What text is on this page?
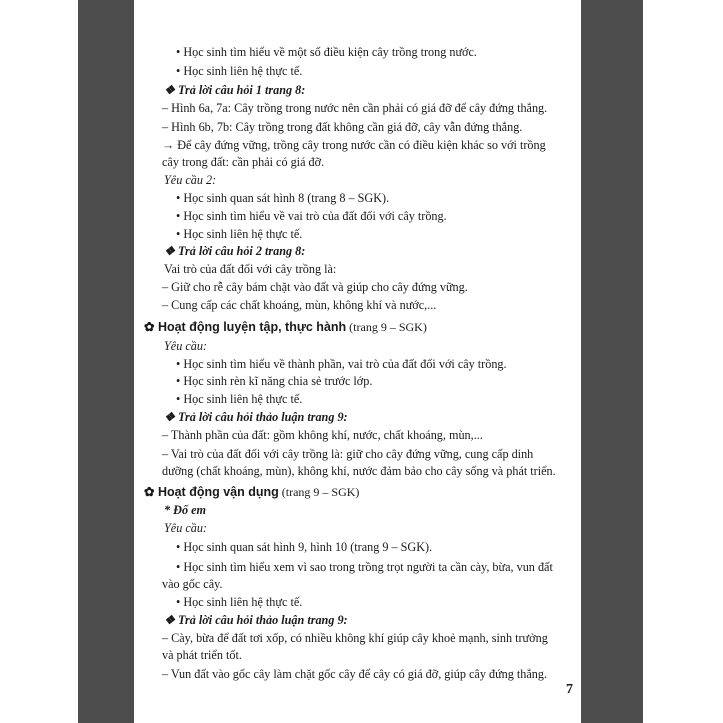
• Học sinh tìm hiểu về một số điều kiện cây trồng trong nước.
• Học sinh liên hệ thực tế.
❖ Trả lời câu hỏi 1 trang 8:
– Hình 6a, 7a: Cây trồng trong nước nên cần phải có giá đỡ để cây đứng thẳng.
– Hình 6b, 7b: Cây trồng trong đất không cần giá đỡ, cây vẫn đứng thẳng.
→ Để cây đứng vững, trồng cây trong nước cần có điều kiện khác so với trồng
cây trong đất: cần phải có giá đỡ.
Yêu cầu 2:
• Học sinh quan sát hình 8 (trang 8 – SGK).
• Học sinh tìm hiểu về vai trò của đất đối với cây trồng.
• Học sinh liên hệ thực tế.
❖ Trả lời câu hỏi 2 trang 8:
Vai trò của đất đối với cây trồng là:
– Giữ cho rễ cây bám chặt vào đất và giúp cho cây đứng vững.
– Cung cấp các chất khoáng, mùn, không khí và nước,...
✿ Hoạt động luyện tập, thực hành (trang 9 – SGK)
Yêu cầu:
• Học sinh tìm hiểu về thành phần, vai trò của đất đối với cây trồng.
• Học sinh rèn kĩ năng chia sẻ trước lớp.
• Học sinh liên hệ thực tế.
❖ Trả lời câu hỏi thảo luận trang 9:
– Thành phần của đất: gồm không khí, nước, chất khoáng, mùn,...
– Vai trò của đất đối với cây trồng là: giữ cho cây đứng vững, cung cấp dinh
dưỡng (chất khoáng, mùn), không khí, nước đảm bảo cho cây sống và phát triển.
✿ Hoạt động vận dụng (trang 9 – SGK)
* Đố em
Yêu cầu:
• Học sinh quan sát hình 9, hình 10 (trang 9 – SGK).
• Học sinh tìm hiểu xem vì sao trong trồng trọt người ta cần cày, bừa, vun đất
vào gốc cây.
• Học sinh liên hệ thực tế.
❖ Trả lời câu hỏi thảo luận trang 9:
– Cày, bừa để đất tơi xốp, có nhiều không khí giúp cây khoẻ mạnh, sinh trưởng
và phát triển tốt.
– Vun đất vào gốc cây làm chặt gốc cây để cây có giá đỡ, giúp cây đứng thẳng.
7
